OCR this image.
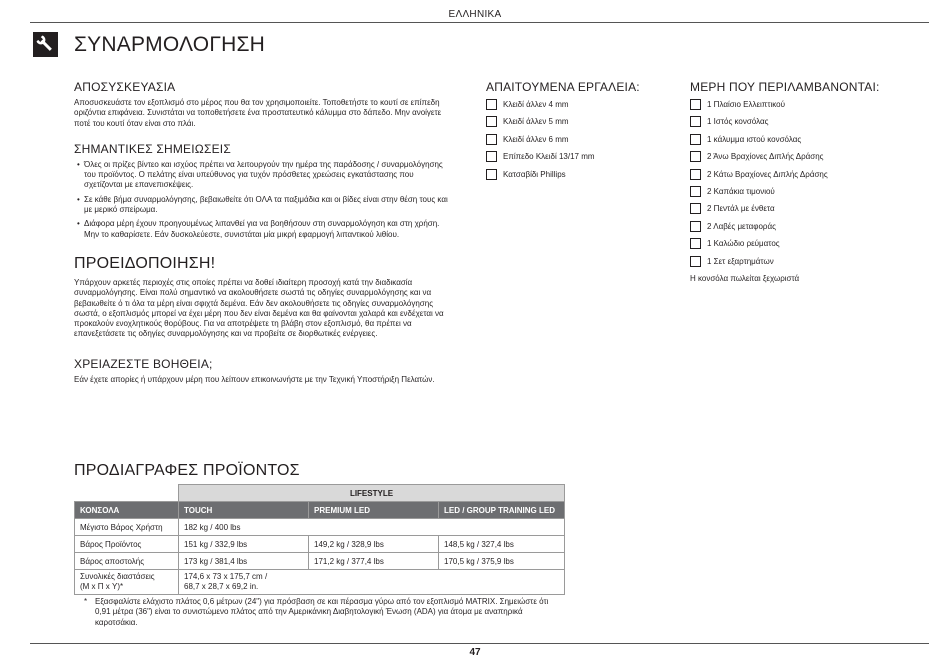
ΕΛΛΗΝΙΚΑ
ΣΥΝΑΡΜΟΛΟΓΗΣΗ
ΑΠΟΣΥΣΚΕΥΑΣΙΑ

Αποσυσκευάστε τον εξοπλισμό στο μέρος που θα τον χρησιμοποιείτε. Τοποθετήστε το κουτί σε επίπεδη οριζόντια επιφάνεια. Συνιστάται να τοποθετήσετε ένα προστατευτικό κάλυμμα στο δάπεδο. Μην ανοίγετε ποτέ του κουτί όταν είναι στο πλάι.

ΣΗΜΑΝΤΙΚΕΣ ΣΗΜΕΙΩΣΕΙΣ
• Όλες οι πρίζες βίντεο και ισχύος πρέπει να λειτουργούν την ημέρα της παράδοσης / συναρμολόγησης του προϊόντος. Ο πελάτης είναι υπεύθυνος για τυχόν πρόσθετες χρεώσεις εγκατάστασης που σχετίζονται με επανεπισκέψεις.
• Σε κάθε βήμα συναρμολόγησης, βεβαιωθείτε ότι ΟΛΑ τα παξιμάδια και οι βίδες είναι στην θέση τους και με μερικό σπείρωμα.
• Διάφορα μέρη έχουν προηγουμένως λιπανθεί για να βοηθήσουν στη συναρμολόγηση και στη χρήση. Μην το καθαρίσετε. Εάν δυσκολεύεστε, συνιστάται μία μικρή εφαρμογή λιπαντικού λιθίου.
ΠΡΟΕΙΔΟΠΟΙΗΣΗ!

Υπάρχουν αρκετές περιοχές στις οποίες πρέπει να δοθεί ιδιαίτερη προσοχή κατά την διαδικασία συναρμολόγησης. Είναι πολύ σημαντικό να ακολουθήσετε σωστά τις οδηγίες συναρμολόγησης και να βεβαιωθείτε ό τι όλα τα μέρη είναι σφιχτά δεμένα. Εάν δεν ακολουθήσετε τις οδηγίες συναρμολόγησης σωστά, ο εξοπλισμός μπορεί να έχει μέρη που δεν είναι δεμένα και θα φαίνονται χαλαρά και ενδέχεται να προκαλούν ενοχλητικούς θορύβους. Για να αποτρέψετε τη βλάβη στον εξοπλισμό, θα πρέπει να επανεξετάσετε τις οδηγίες συναρμολόγησης και να προβείτε σε διορθωτικές ενέργειες.

ΧΡΕΙΑΖΕΣΤΕ ΒΟΗΘΕΙΑ;

Εάν έχετε απορίες ή υπάρχουν μέρη που λείπουν επικοινωνήστε με την Τεχνική Υποστήριξη Πελατών.

ΑΠΑΙΤΟΥΜΕΝΑ ΕΡΓΑΛΕΙΑ:
Κλειδί άλλεν 4 mm
Κλειδί άλλεν 5 mm
Κλειδί άλλεν 6 mm
Επίπεδο Κλειδί 13/17 mm
Κατσαβίδι Phillips
ΜΕΡΗ ΠΟΥ ΠΕΡΙΛΑΜΒΑΝΟΝΤΑΙ:
1 Πλαίσιο Ελλειπτικού
1 Ιστός κονσόλας
1 κάλυμμα ιστού κονσόλας
2 Άνω Βραχίονες Διπλής Δράσης
2 Κάτω Βραχίονες Διπλής Δράσης
2 Καπάκια τιμονιού
2 Πεντάλ με ένθετα
2 Λαβές μεταφοράς
1 Καλώδιο ρεύματος
1 Σετ εξαρτημάτων
Η κονσόλα πωλείται ξεχωριστά
ΠΡΟΔΙΑΓΡΑΦΕΣ ΠΡΟΪΟΝΤΟΣ
	LIFESTYLE		
ΚΟΝΣΟΛΑ	TOUCH	PREMIUM LED	LED / GROUP TRAINING LED
Μέγιστο Βάρος Χρήστη	182 kg / 400 lbs		
Βάρος Προϊόντος	151 kg / 332,9 lbs	149,2 kg / 328,9 lbs	148,5 kg / 327,4 lbs
Βάρος αποστολής	173 kg / 381,4 lbs	171,2 kg / 377,4 lbs	170,5 kg / 375,9 lbs
Συνολικές διαστάσεις
(Μ x Π x Υ)*	174,6 x 73 x 175,7 cm /
68,7 x 28,7 x 69,2 in.		
* Εξασφαλίστε ελάχιστο πλάτος 0,6 μέτρων (24") για πρόσβαση σε και πέρασμα γύρω από τον εξοπλισμό MATRIX. Σημειώστε ότι 0,91 μέτρα (36") είναι το συνιστώμενο πλάτος από την Αμερικάνικη Διαβητολογική Ένωση (ADA) για άτομα με αναπηρικά καροτσάκια.
47
